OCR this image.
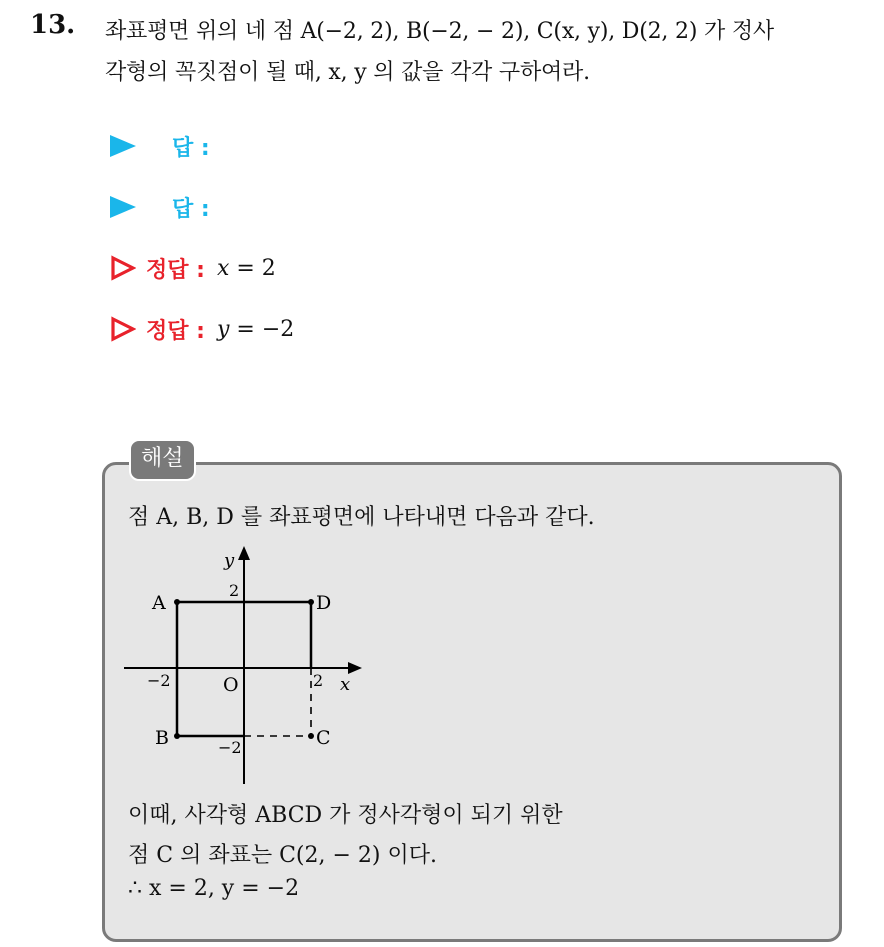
13. 좌표평면 위의 네 점 A(−2, 2), B(−2, − 2), C(x, y), D(2, 2) 가 정사
각형의 꼭짓점이 될 때, x, y 의 값을 각각 구하여라.
답 :
답 :
정답 : x = 2
정답 : y = −2
해설
점 A, B, D 를 좌표평면에 나타내면 다음과 같다.
A	D
B	C
y
x
O
−2	2
2
−2
이때, 사각형 ABCD 가 정사각형이 되기 위한
점 C 의 좌표는 C(2, − 2) 이다.
∴ x = 2, y = −2
